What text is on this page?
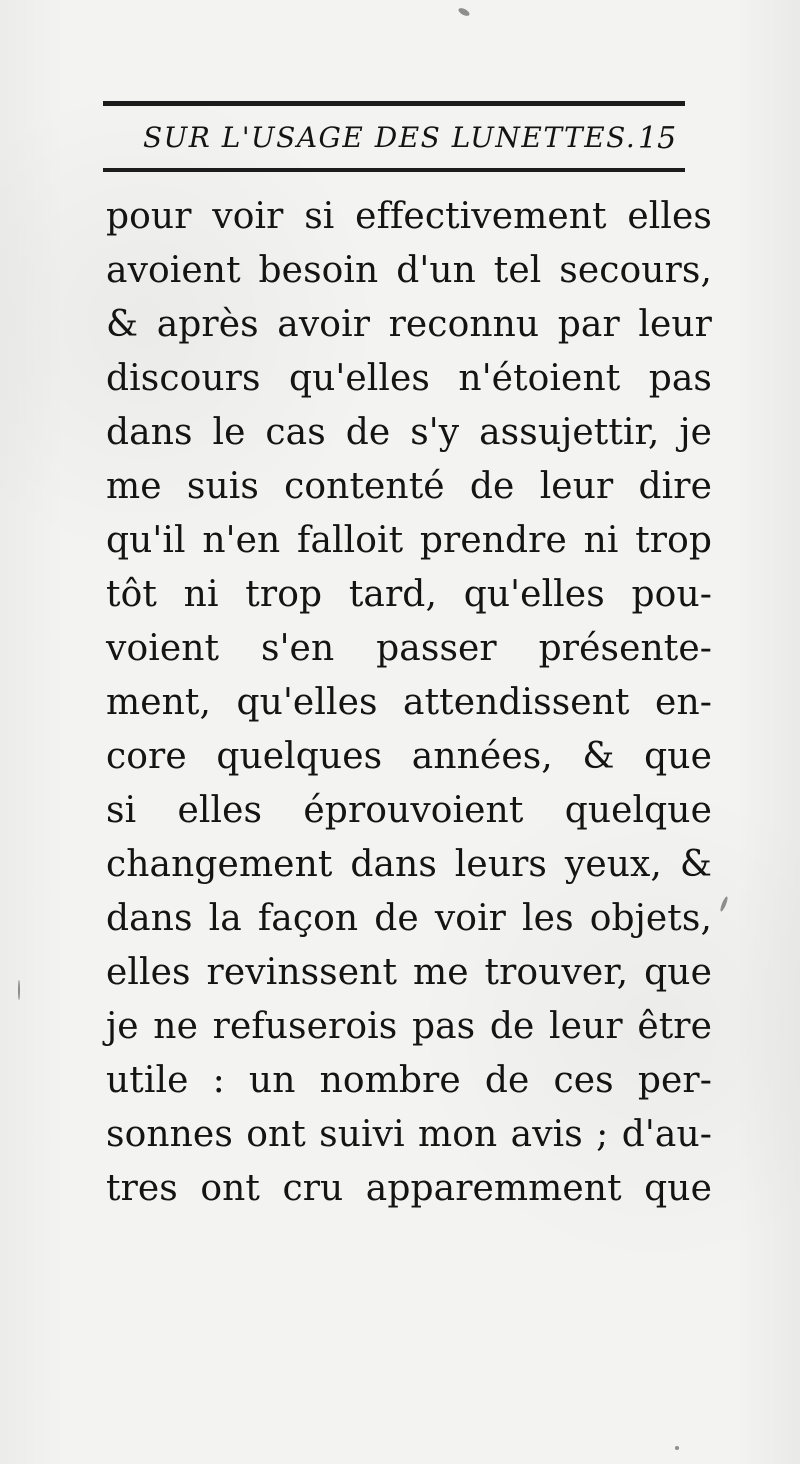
SUR L'USAGE DES LUNETTES. 15
pour voir si effectivement elles
avoient besoin d'un tel secours,
& après avoir reconnu par leur
discours qu'elles n'étoient pas
dans le cas de s'y assujettir, je
me suis contenté de leur dire
qu'il n'en falloit prendre ni trop
tôt ni trop tard, qu'elles pou-
voient s'en passer présente-
ment, qu'elles attendissent en-
core quelques années, & que
si elles éprouvoient quelque
changement dans leurs yeux, &
dans la façon de voir les objets,
elles revinssent me trouver, que
je ne refuserois pas de leur être
utile : un nombre de ces per-
sonnes ont suivi mon avis ; d'au-
tres ont cru apparemment que
